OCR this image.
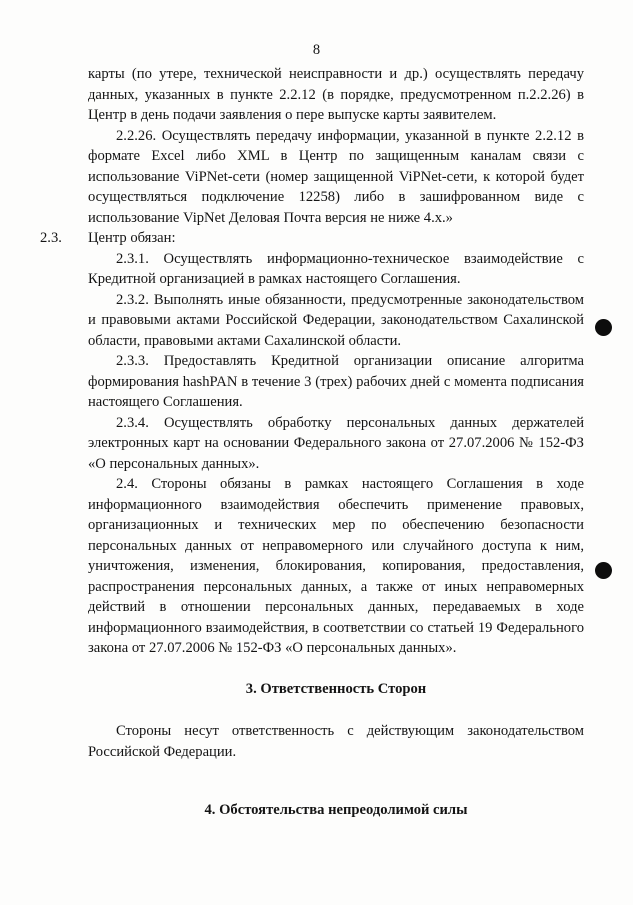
8

карты (по утере, технической неисправности и др.) осуществлять передачу данных, указанных в пункте 2.2.12 (в порядке, предусмотренном п.2.2.26) в Центр в день подачи заявления о пере выпуске карты заявителем.

2.2.26. Осуществлять передачу информации, указанной в пункте 2.2.12 в формате Excel либо XML в Центр по защищенным каналам связи с использование ViPNet-сети (номер защищенной ViPNet-сети, к которой будет осуществляться подключение 12258) либо в зашифрованном виде с использование VipNet Деловая Почта версия не ниже 4.х.»

2.3. Центр обязан:

2.3.1. Осуществлять информационно-техническое взаимодействие с Кредитной организацией в рамках настоящего Соглашения.

2.3.2. Выполнять иные обязанности, предусмотренные законодательством и правовыми актами Российской Федерации, законодательством Сахалинской области, правовыми актами Сахалинской области.

2.3.3. Предоставлять Кредитной организации описание алгоритма формирования hashPAN в течение 3 (трех) рабочих дней с момента подписания настоящего Соглашения.

2.3.4. Осуществлять обработку персональных данных держателей электронных карт на основании Федерального закона от 27.07.2006 № 152-ФЗ «О персональных данных».

2.4. Стороны обязаны в рамках настоящего Соглашения в ходе информационного взаимодействия обеспечить применение правовых, организационных и технических мер по обеспечению безопасности персональных данных от неправомерного или случайного доступа к ним, уничтожения, изменения, блокирования, копирования, предоставления, распространения персональных данных, а также от иных неправомерных действий в отношении персональных данных, передаваемых в ходе информационного взаимодействия, в соответствии со статьей 19 Федерального закона от 27.07.2006 № 152-ФЗ «О персональных данных».

3. Ответственность Сторон

Стороны несут ответственность с действующим законодательством Российской Федерации.

4. Обстоятельства непреодолимой силы
